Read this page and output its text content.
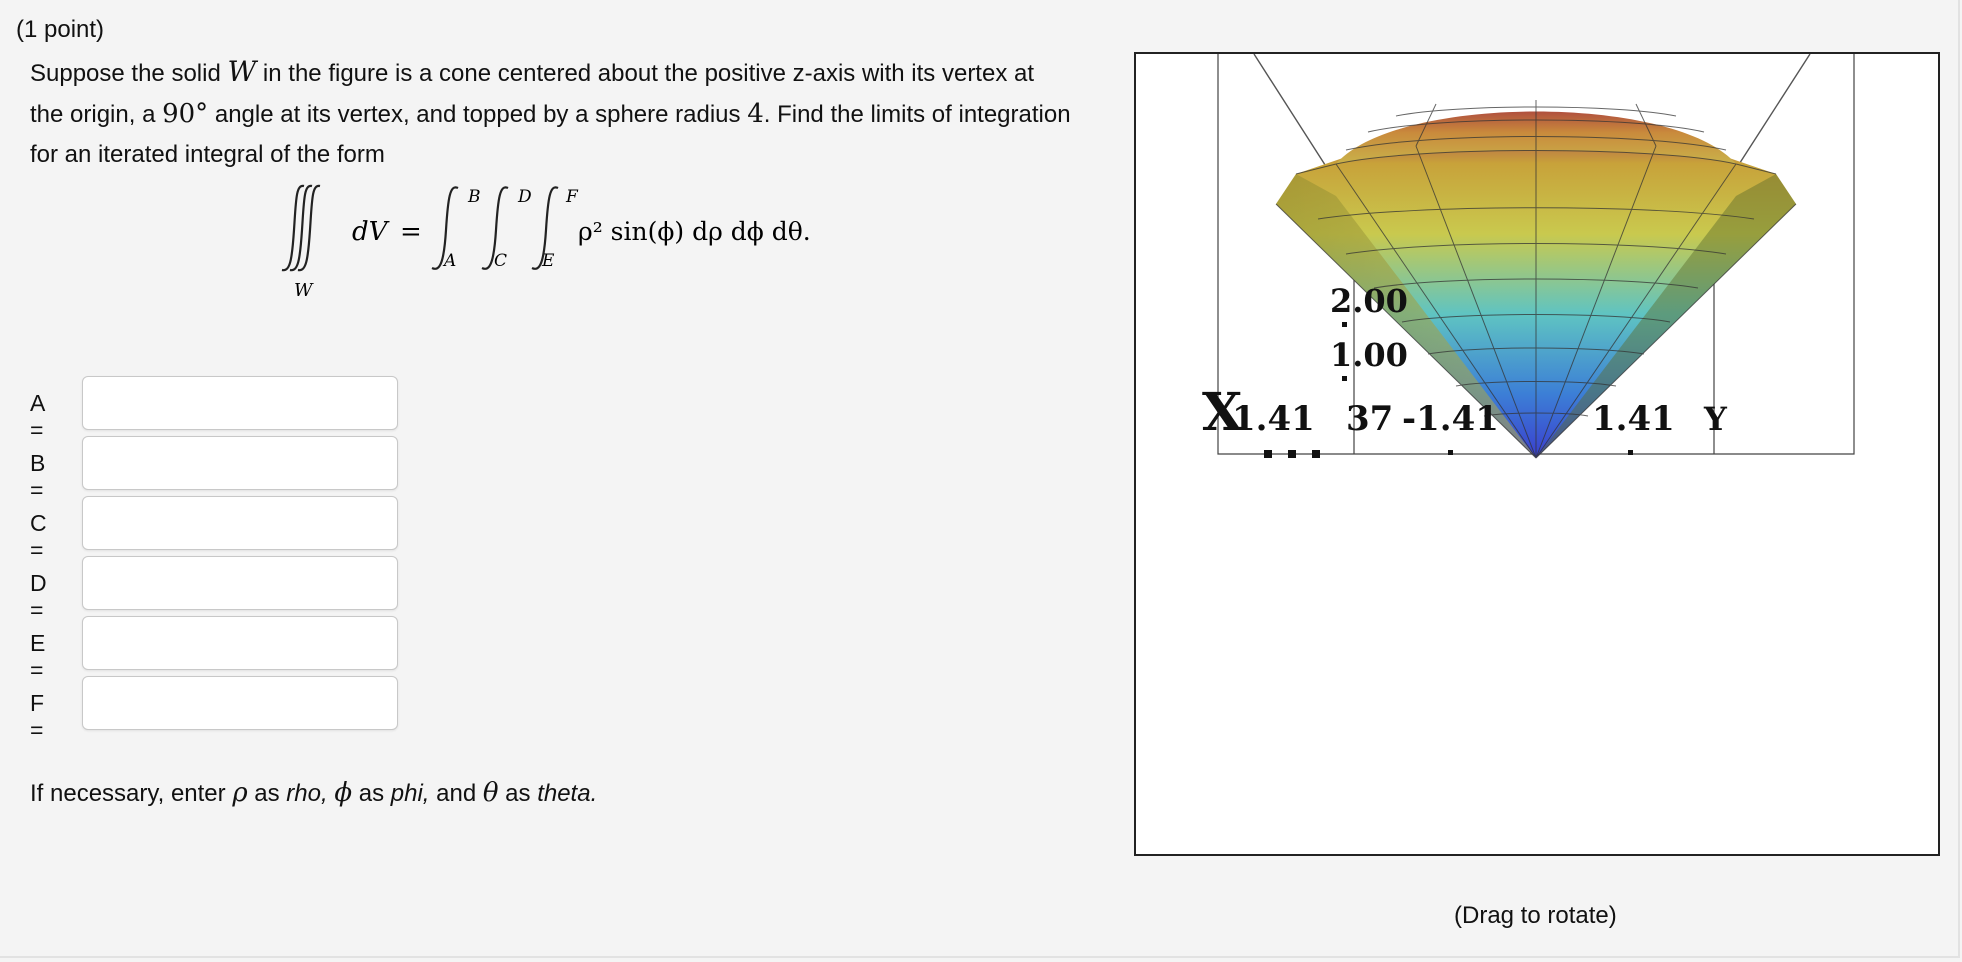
(1 point)
Suppose the solid W in the figure is a cone centered about the positive z-axis with its vertex at
the origin, a 90° angle at its vertex, and topped by a sphere radius 4. Find the limits of integration
for an iterated integral of the form
W
dV =
B
A
D
C
F
E
ρ² sin(ϕ) dρ dϕ dθ.
A =
B =
C =
D =
E =
F =
If necessary, enter ρ as rho, ϕ as phi, and θ as theta.
2.00
1.00
X
1.41 37 -1.41	1.41 Y
(Drag to rotate)
